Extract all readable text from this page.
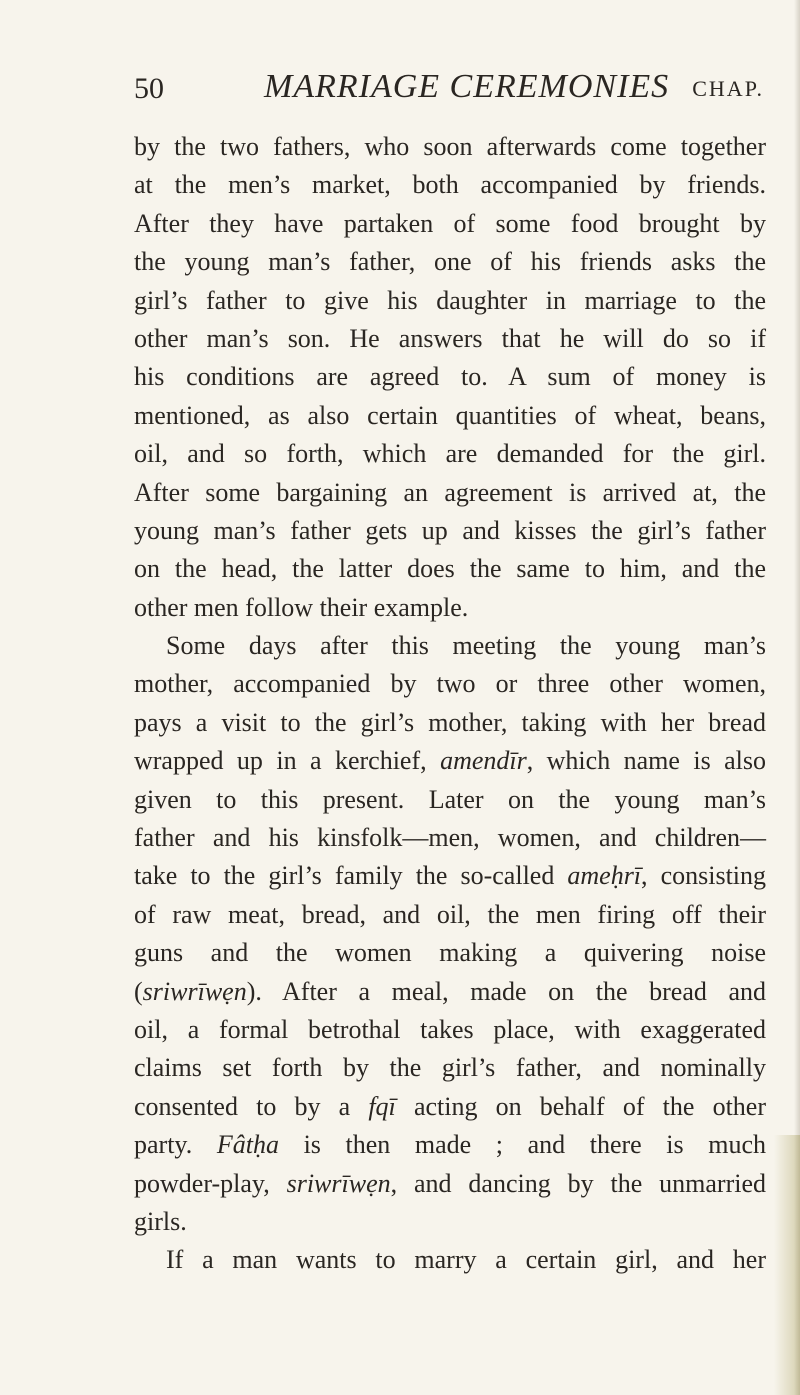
50	MARRIAGE CEREMONIES CHAP.
by the two fathers, who soon afterwards come together
at the men’s market, both accompanied by friends.
After they have partaken of some food brought by
the young man’s father, one of his friends asks the
girl’s father to give his daughter in marriage to the
other man’s son. He answers that he will do so if
his conditions are agreed to. A sum of money is
mentioned, as also certain quantities of wheat, beans,
oil, and so forth, which are demanded for the girl.
After some bargaining an agreement is arrived at, the
young man’s father gets up and kisses the girl’s father
on the head, the latter does the same to him, and the
other men follow their example.
Some days after this meeting the young man’s
mother, accompanied by two or three other women,
pays a visit to the girl’s mother, taking with her bread
wrapped up in a kerchief, amendīr, which name is also
given to this present. Later on the young man’s
father and his kinsfolk—men, women, and children—
take to the girl’s family the so-called ameḥrī, consisting
of raw meat, bread, and oil, the men firing off their
guns and the women making a quivering noise
(sriwrīwẹn). After a meal, made on the bread and
oil, a formal betrothal takes place, with exaggerated
claims set forth by the girl’s father, and nominally
consented to by a fqī acting on behalf of the other
party. Fâtḥa is then made ; and there is much
powder-play, sriwrīwẹn, and dancing by the unmarried
girls.
If a man wants to marry a certain girl, and her
